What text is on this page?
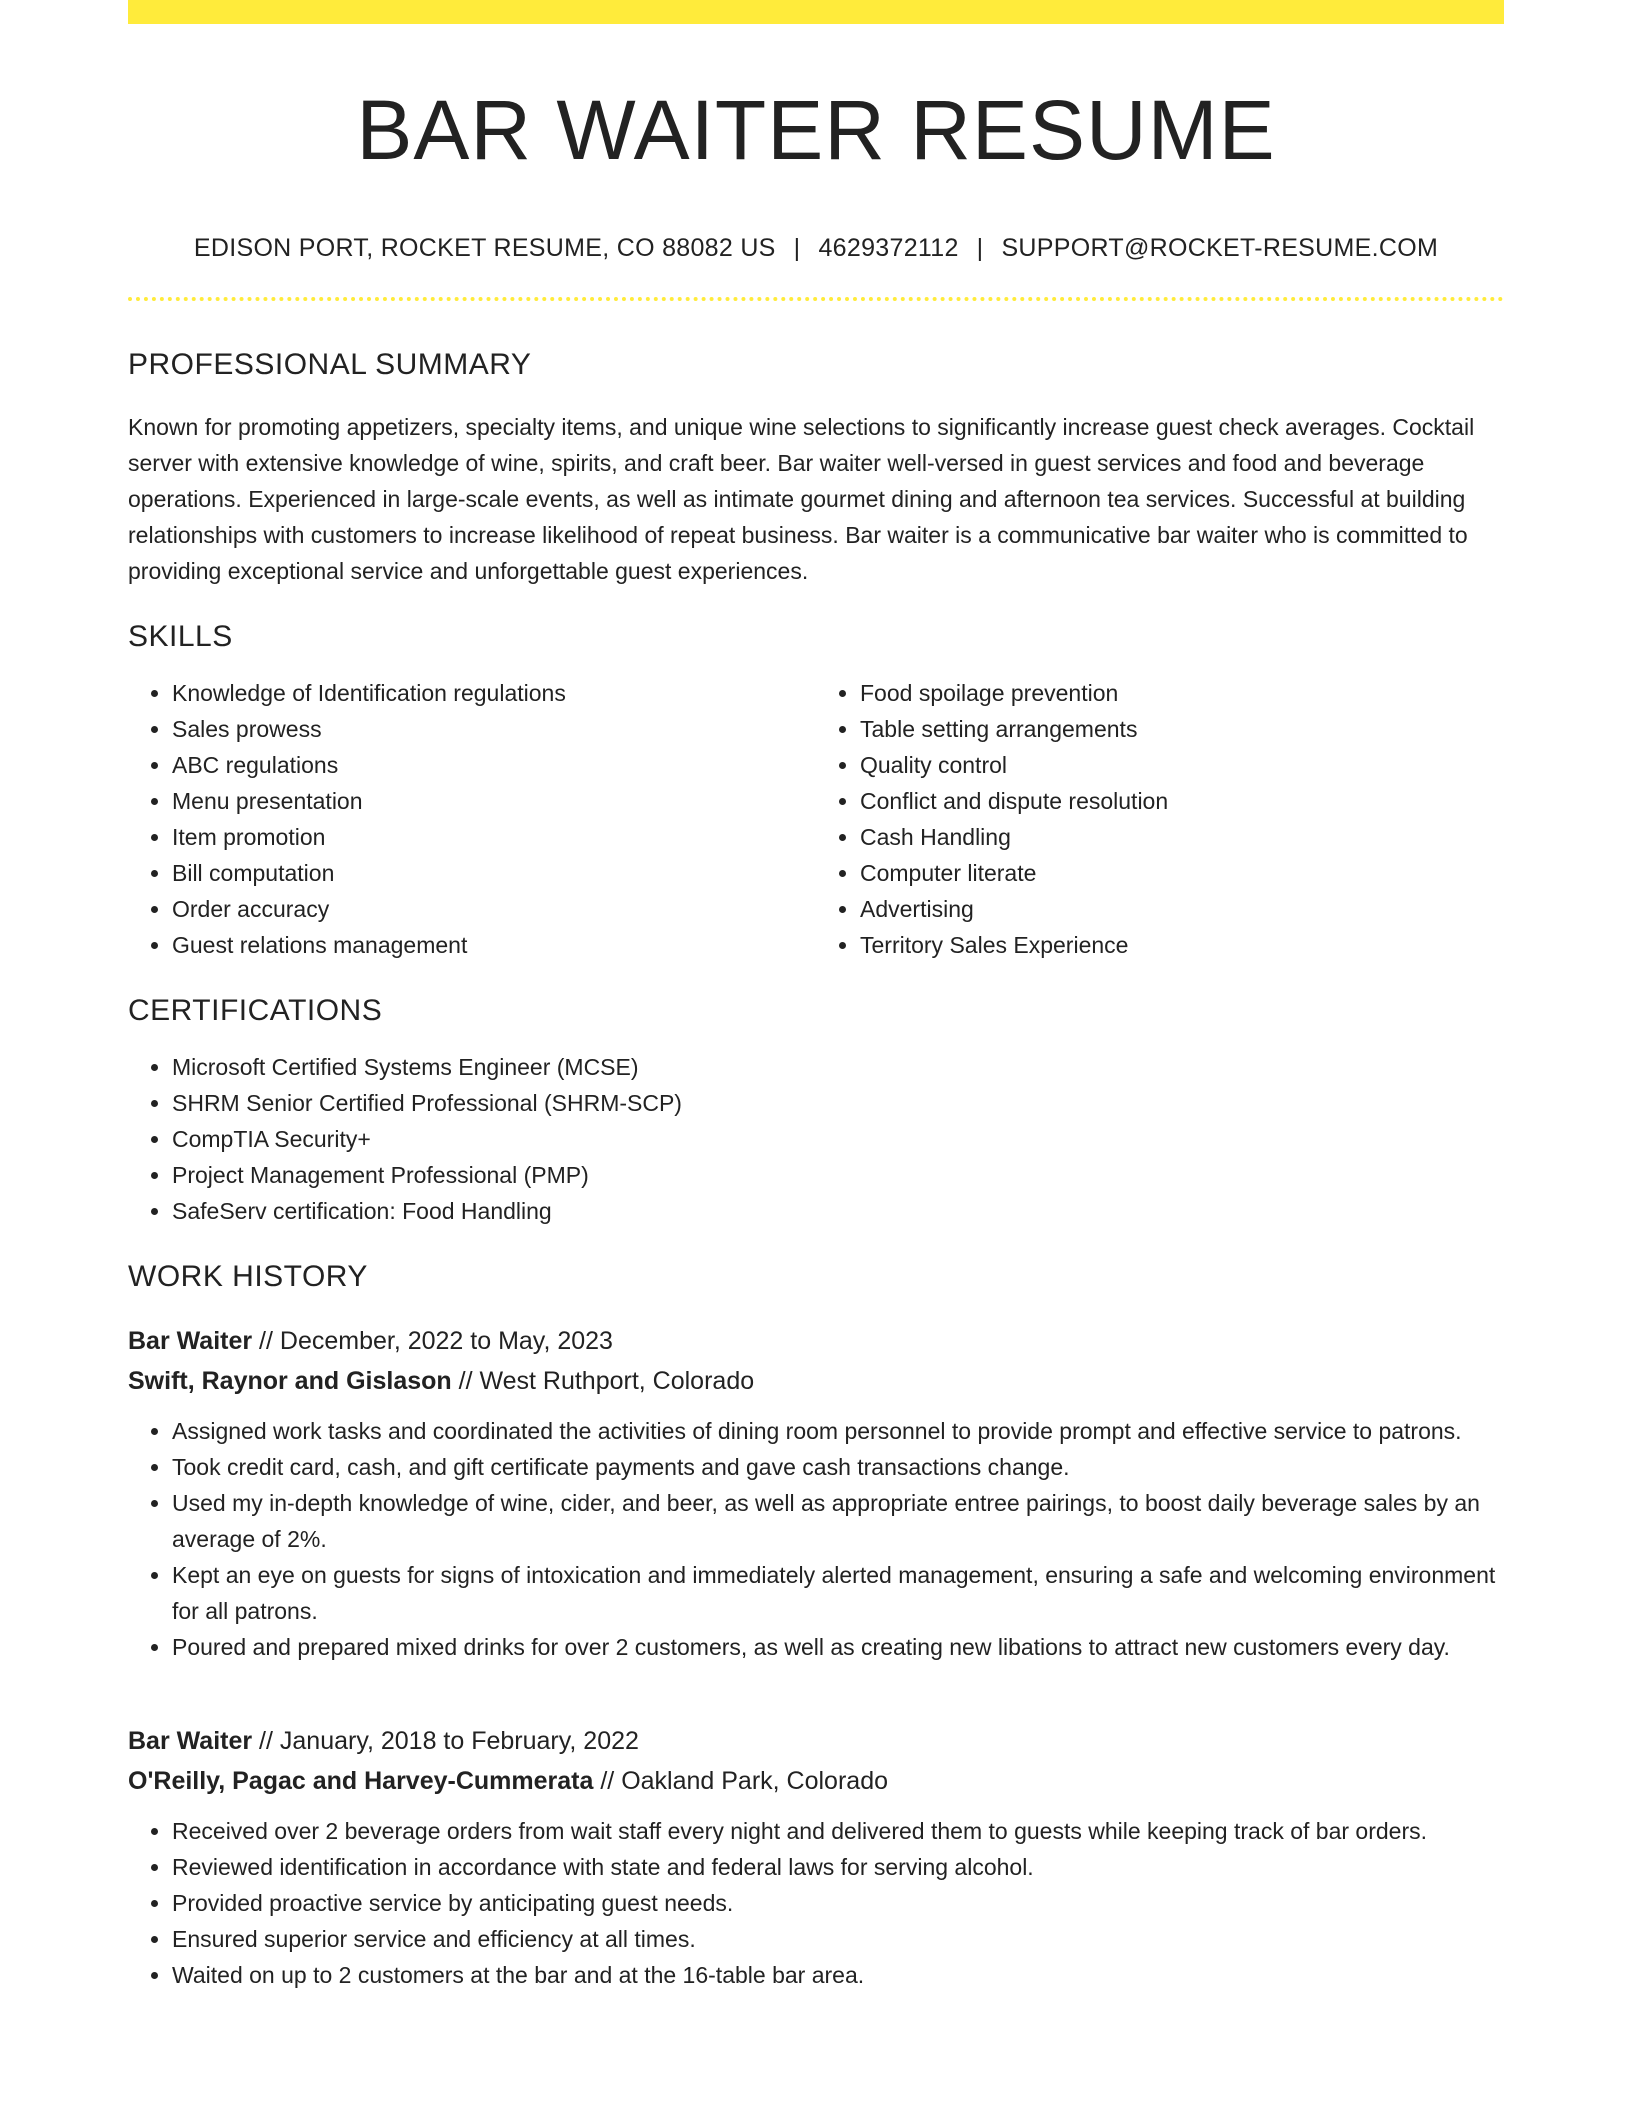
BAR WAITER RESUME
EDISON PORT, ROCKET RESUME, CO 88082 US | 4629372112 | SUPPORT@ROCKET-RESUME.COM
PROFESSIONAL SUMMARY
Known for promoting appetizers, specialty items, and unique wine selections to significantly increase guest check averages. Cocktail server with extensive knowledge of wine, spirits, and craft beer. Bar waiter well-versed in guest services and food and beverage operations. Experienced in large-scale events, as well as intimate gourmet dining and afternoon tea services. Successful at building relationships with customers to increase likelihood of repeat business. Bar waiter is a communicative bar waiter who is committed to providing exceptional service and unforgettable guest experiences.
SKILLS
• Knowledge of Identification regulations
• Sales prowess
• ABC regulations
• Menu presentation
• Item promotion
• Bill computation
• Order accuracy
• Guest relations management
• Food spoilage prevention
• Table setting arrangements
• Quality control
• Conflict and dispute resolution
• Cash Handling
• Computer literate
• Advertising
• Territory Sales Experience
CERTIFICATIONS
• Microsoft Certified Systems Engineer (MCSE)
• SHRM Senior Certified Professional (SHRM-SCP)
• CompTIA Security+
• Project Management Professional (PMP)
• SafeServ certification: Food Handling
WORK HISTORY
Bar Waiter // December, 2022 to May, 2023
Swift, Raynor and Gislason // West Ruthport, Colorado
• Assigned work tasks and coordinated the activities of dining room personnel to provide prompt and effective service to patrons.
• Took credit card, cash, and gift certificate payments and gave cash transactions change.
• Used my in-depth knowledge of wine, cider, and beer, as well as appropriate entree pairings, to boost daily beverage sales by an average of 2%.
• Kept an eye on guests for signs of intoxication and immediately alerted management, ensuring a safe and welcoming environment for all patrons.
• Poured and prepared mixed drinks for over 2 customers, as well as creating new libations to attract new customers every day.
Bar Waiter // January, 2018 to February, 2022
O'Reilly, Pagac and Harvey-Cummerata // Oakland Park, Colorado
• Received over 2 beverage orders from wait staff every night and delivered them to guests while keeping track of bar orders.
• Reviewed identification in accordance with state and federal laws for serving alcohol.
• Provided proactive service by anticipating guest needs.
• Ensured superior service and efficiency at all times.
• Waited on up to 2 customers at the bar and at the 16-table bar area.
